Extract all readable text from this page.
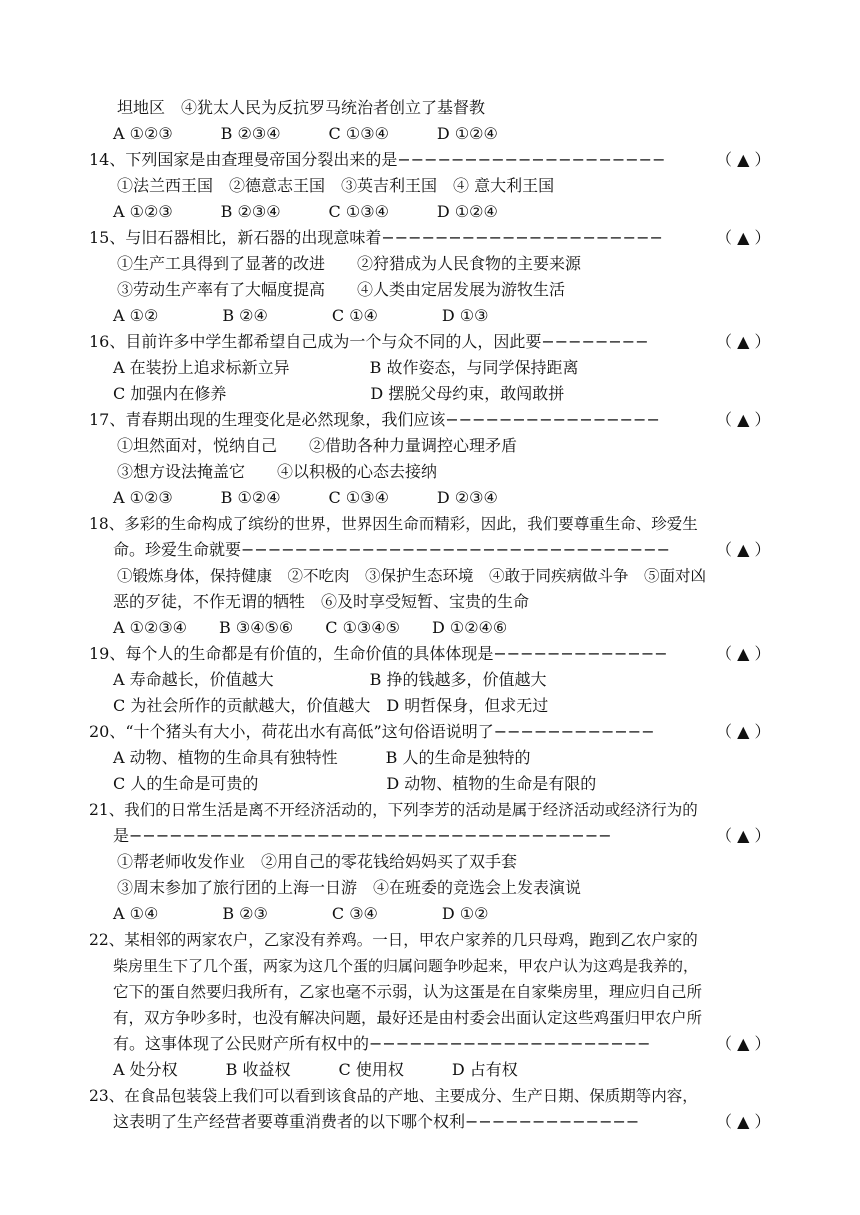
坦地区　④犹太人民为反抗罗马统治者创立了基督教
A ①②③　　　B ②③④　　　C ①③④　　　D ①②④
14、下列国家是由查理曼帝国分裂出来的是−−−−−−−−−−−−−−−−−−−−	（ ▲ ）
①法兰西王国　②德意志王国　③英吉利王国　④ 意大利王国
A ①②③　　　B ②③④　　　C ①③④　　　D ①②④
15、与旧石器相比，新石器的出现意味着−−−−−−−−−−−−−−−−−−−−−	（ ▲ ）
①生产工具得到了显著的改进　　②狩猎成为人民食物的主要来源
③劳动生产率有了大幅度提高　　④人类由定居发展为游牧生活
A ①②　　　　B ②④　　　　C ①④　　　　D ①③
16、目前许多中学生都希望自己成为一个与众不同的人，因此要−−−−−−−−	（ ▲ ）
A 在装扮上追求标新立异　　　　　B 故作姿态，与同学保持距离
C 加强内在修养　　　　　　　　　D 摆脱父母约束，敢闯敢拼
17、青春期出现的生理变化是必然现象，我们应该−−−−−−−−−−−−−−−−	（ ▲ ）
①坦然面对，悦纳自己　　②借助各种力量调控心理矛盾
③想方设法掩盖它　　④以积极的心态去接纳
A ①②③　　　B ①②④　　　C ①③④　　　D ②③④
18、多彩的生命构成了缤纷的世界，世界因生命而精彩，因此，我们要尊重生命、珍爱生
命。珍爱生命就要−−−−−−−−−−−−−−−−−−−−−−−−−−−−−−−−	（ ▲ ）
①锻炼身体，保持健康　②不吃肉　③保护生态环境　④敢于同疾病做斗争　⑤面对凶
恶的歹徒，不作无谓的牺牲　⑥及时享受短暂、宝贵的生命
A ①②③④　　B ③④⑤⑥　　C ①③④⑤　　D ①②④⑥
19、每个人的生命都是有价值的，生命价值的具体体现是−−−−−−−−−−−−−	（ ▲ ）
A 寿命越长，价值越大　　　　　　B 挣的钱越多，价值越大
C 为社会所作的贡献越大，价值越大　D 明哲保身，但求无过
20、“十个猪头有大小，荷花出水有高低”这句俗语说明了−−−−−−−−−−−−	（ ▲ ）
A 动物、植物的生命具有独特性　　　B 人的生命是独特的
C 人的生命是可贵的　　　　　　　　D 动物、植物的生命是有限的
21、我们的日常生活是离不开经济活动的，下列李芳的活动是属于经济活动或经济行为的
是−−−−−−−−−−−−−−−−−−−−−−−−−−−−−−−−−−−−	（ ▲ ）
①帮老师收发作业　②用自己的零花钱给妈妈买了双手套
③周末参加了旅行团的上海一日游　④在班委的竞选会上发表演说
A ①④　　　　B ②③　　　　C ③④　　　　D ①②
22、某相邻的两家农户，乙家没有养鸡。一日，甲农户家养的几只母鸡，跑到乙农户家的
柴房里生下了几个蛋，两家为这几个蛋的归属问题争吵起来，甲农户认为这鸡是我养的，
它下的蛋自然要归我所有，乙家也毫不示弱，认为这蛋是在自家柴房里，理应归自己所
有，双方争吵多时，也没有解决问题，最好还是由村委会出面认定这些鸡蛋归甲农户所
有。这事体现了公民财产所有权中的−−−−−−−−−−−−−−−−−−−−−	（ ▲ ）
A 处分权　　　B 收益权　　　C 使用权　　　D 占有权
23、在食品包装袋上我们可以看到该食品的产地、主要成分、生产日期、保质期等内容，
这表明了生产经营者要尊重消费者的以下哪个权利−−−−−−−−−−−−−	（ ▲ ）
